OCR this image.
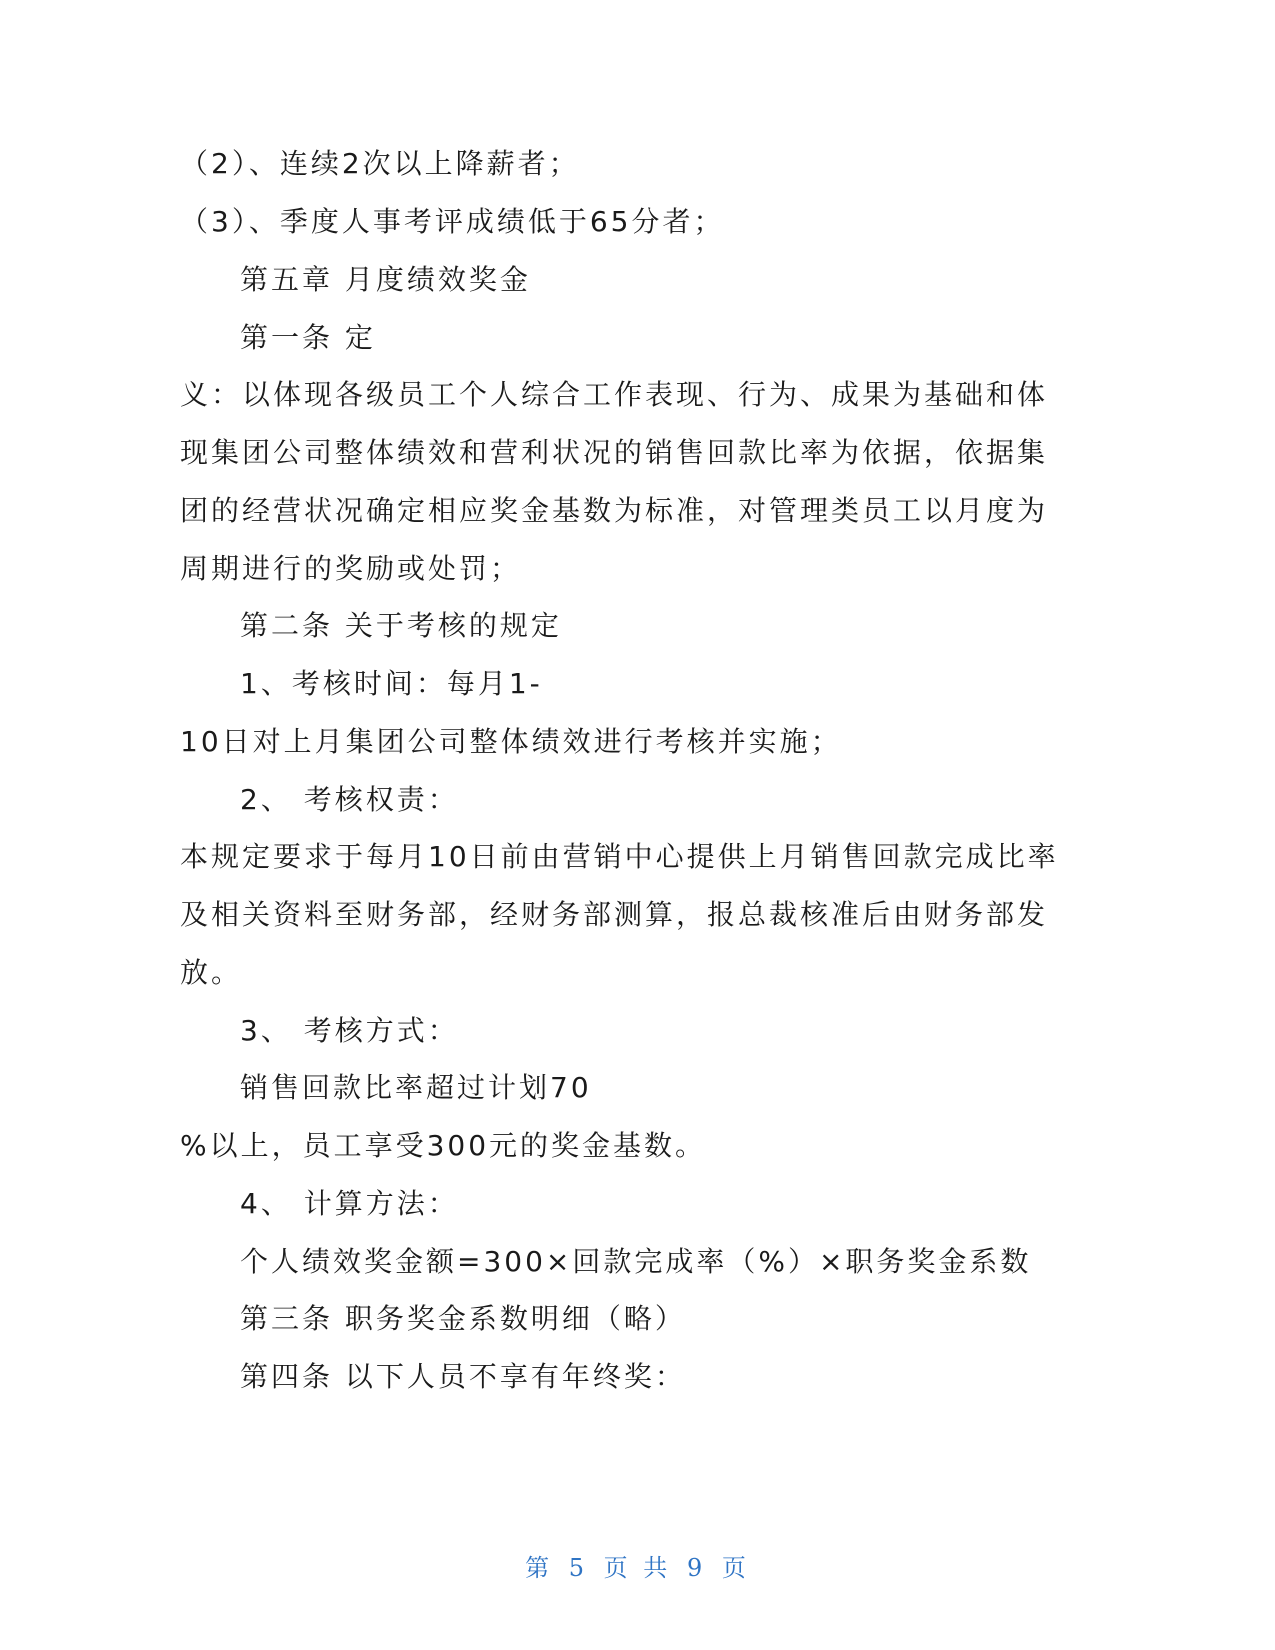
（2）、连续2次以上降薪者；
（3）、季度人事考评成绩低于65分者；
第五章 月度绩效奖金
第一条 定
义：以体现各级员工个人综合工作表现、行为、成果为基础和体
现集团公司整体绩效和营利状况的销售回款比率为依据，依据集
团的经营状况确定相应奖金基数为标准，对管理类员工以月度为
周期进行的奖励或处罚；
第二条 关于考核的规定
1、考核时间：每月1-
10日对上月集团公司整体绩效进行考核并实施；
2、 考核权责：
本规定要求于每月10日前由营销中心提供上月销售回款完成比率
及相关资料至财务部，经财务部测算，报总裁核准后由财务部发
放。
3、 考核方式：
销售回款比率超过计划70
%以上，员工享受300元的奖金基数。
4、 计算方法：
个人绩效奖金额=300×回款完成率（%）×职务奖金系数
第三条 职务奖金系数明细（略）
第四条 以下人员不享有年终奖：
第 5 页 共 9 页
